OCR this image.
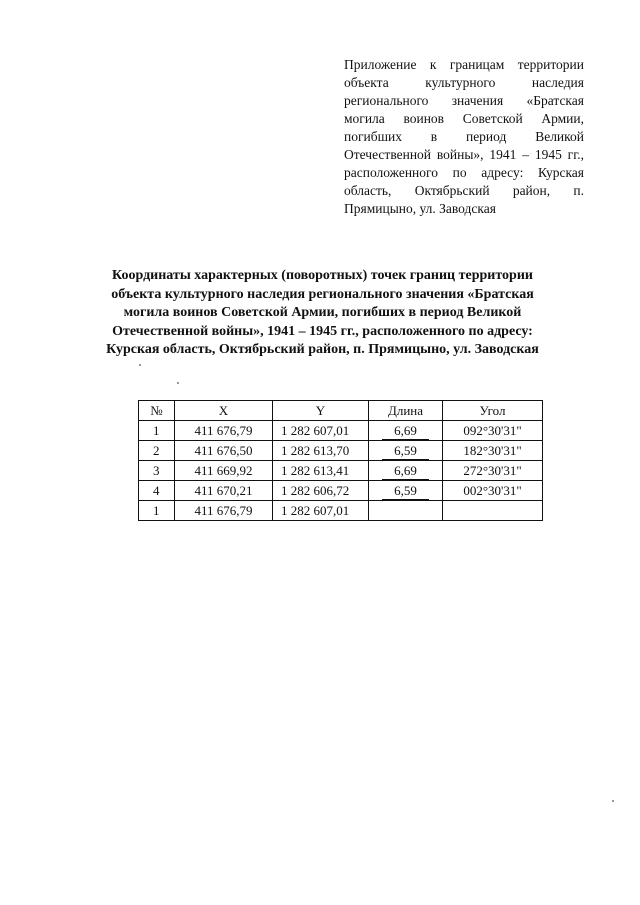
Приложение к границам территории объекта культурного наследия регионального значения «Братская могила воинов Советской Армии, погибших в период Великой Отечественной войны», 1941 – 1945 гг., расположенного по адресу: Курская область, Октябрьский район, п. Прямицыно, ул. Заводская
Координаты характерных (поворотных) точек границ территории объекта культурного наследия регионального значения «Братская могила воинов Советской Армии, погибших в период Великой Отечественной войны», 1941 – 1945 гг., расположенного по адресу: Курская область, Октябрьский район, п. Прямицыно, ул. Заводская
№	X	Y	Длина	Угол
1	411 676,79	1 282 607,01	6,69	092°30'31"
2	411 676,50	1 282 613,70	6,59	182°30'31"
3	411 669,92	1 282 613,41	6,69	272°30'31"
4	411 670,21	1 282 606,72	6,59	002°30'31"
1	411 676,79	1 282 607,01		
